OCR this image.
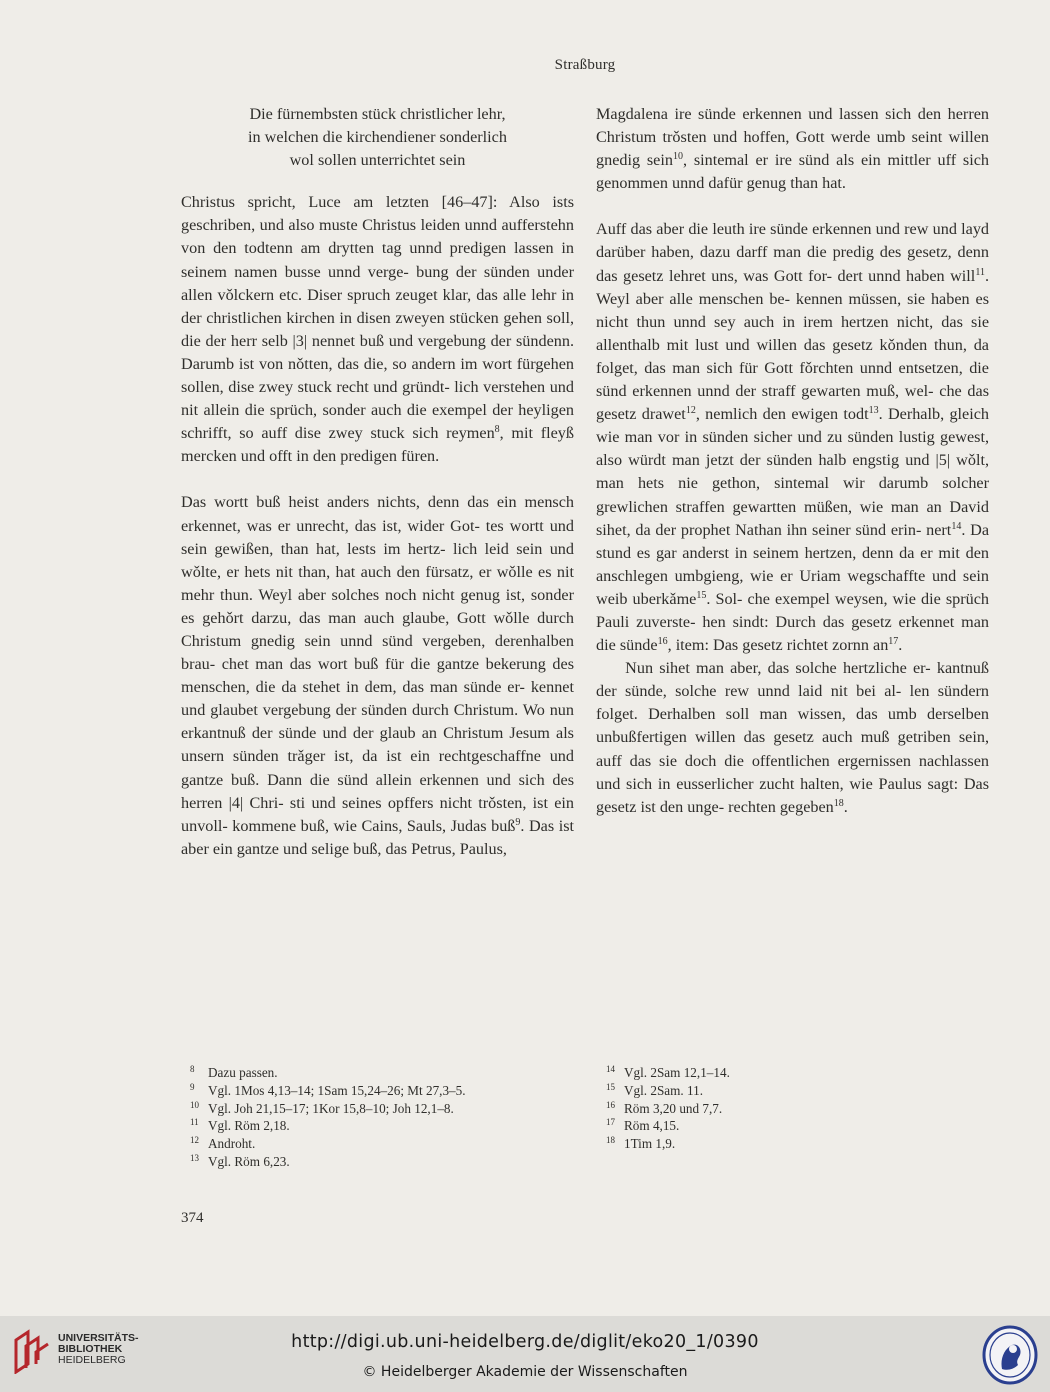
Straßburg
Die fürnembsten stück christlicher lehr,
in welchen die kirchendiener sonderlich
wol sollen unterrichtet sein

Christus spricht, Luce am letzten [46–47]: Also ists geschriben, und also muste Christus leiden unnd aufferstehn von den todtenn am drytten tag unnd predigen lassen in seinem namen busse unnd verge- bung der sünden under allen vǒlckern etc. Diser spruch zeuget klar, das alle lehr in der christlichen kirchen in disen zweyen stücken gehen soll, die der herr selb |3| nennet buß und vergebung der sündenn. Darumb ist von nǒtten, das die, so andern im wort fürgehen sollen, dise zwey stuck recht und gründt- lich verstehen und nit allein die sprüch, sonder auch die exempel der heyligen schrifft, so auff dise zwey stuck sich reymen$^8$, mit fleyß mercken und offt in den predigen füren.

Das wortt buß heist anders nichts, denn das ein mensch erkennet, was er unrecht, das ist, wider Got- tes wortt und sein gewißen, than hat, lests im hertz- lich leid sein und wǒlte, er hets nit than, hat auch den fürsatz, er wǒlle es nit mehr thun. Weyl aber solches noch nicht genug ist, sonder es gehǒrt darzu, das man auch glaube, Gott wǒlle durch Christum gnedig sein unnd sünd vergeben, derenhalben brau- chet man das wort buß für die gantze bekerung des menschen, die da stehet in dem, das man sünde er- kennet und glaubet vergebung der sünden durch Christum. Wo nun erkantnuß der sünde und der glaub an Christum Jesum als unsern sünden trǎger ist, da ist ein rechtgeschaffne und gantze buß. Dann die sünd allein erkennen und sich des herren |4| Chri- sti und seines opffers nicht trǒsten, ist ein unvoll- kommene buß, wie Cains, Sauls, Judas buß$^9$. Das ist aber ein gantze und selige buß, das Petrus, Paulus,

Magdalena ire sünde erkennen und lassen sich den herren Christum trǒsten und hoffen, Gott werde umb seint willen gnedig sein$^{10}$, sintemal er ire sünd als ein mittler uff sich genommen unnd dafür genug than hat.

Auff das aber die leuth ire sünde erkennen und rew und layd darüber haben, dazu darff man die predig des gesetz, denn das gesetz lehret uns, was Gott for- dert unnd haben will$^{11}$. Weyl aber alle menschen be- kennen müssen, sie haben es nicht thun unnd sey auch in irem hertzen nicht, das sie allenthalb mit lust und willen das gesetz kǒnden thun, da folget, das man sich für Gott fǒrchten unnd entsetzen, die sünd erkennen unnd der straff gewarten muß, wel- che das gesetz drawet$^{12}$, nemlich den ewigen todt$^{13}$. Derhalb, gleich wie man vor in sünden sicher und zu sünden lustig gewest, also würdt man jetzt der sünden halb engstig und |5| wǒlt, man hets nie gethon, sintemal wir darumb solcher grewlichen straffen gewartten müßen, wie man an David sihet, da der prophet Nathan ihn seiner sünd erin- nert$^{14}$. Da stund es gar anderst in seinem hertzen, denn da er mit den anschlegen umbgieng, wie er Uriam wegschaffte und sein weib uberkǎme$^{15}$. Sol- che exempel weysen, wie die sprüch Pauli zuverste- hen sindt: Durch das gesetz erkennet man die sünde$^{16}$, item: Das gesetz richtet zornn $an^{17}$.

Nun sihet man aber, das solche hertzliche er- kantnuß der sünde, solche rew unnd laid nit bei al- len sündern folget. Derhalben soll man wissen, das umb derselben unbußfertigen willen das gesetz auch muß getriben sein, auff das sie doch die offentlichen ergernissen nachlassen und sich in eusserlicher zucht halten, wie Paulus sagt: Das gesetz ist den unge- rechten gegeben$^{18}$.

8	Dazu passen.
9	Vgl. 1Mos 4,13–14; 1Sam 15,24–26; Mt 27,3–5.
10 Vgl. Joh 21,15–17; 1Kor 15,8–10; Joh 12,1–8.
11 Vgl. Röm 2,18.
12 Androht.
13 Vgl. Röm 6,23.
14 Vgl. 2Sam 12,1–14.
15 Vgl. 2Sam. 11.
16 Röm 3,20 und 7,7.
17 Röm 4,15.
18 1Tim 1,9.
374
UNIVERSITÄTS-
BIBLIOTHEK
HEIDELBERG
http://digi.ub.uni-heidelberg.de/diglit/eko20_1/0390
© Heidelberger Akademie der Wissenschaften
